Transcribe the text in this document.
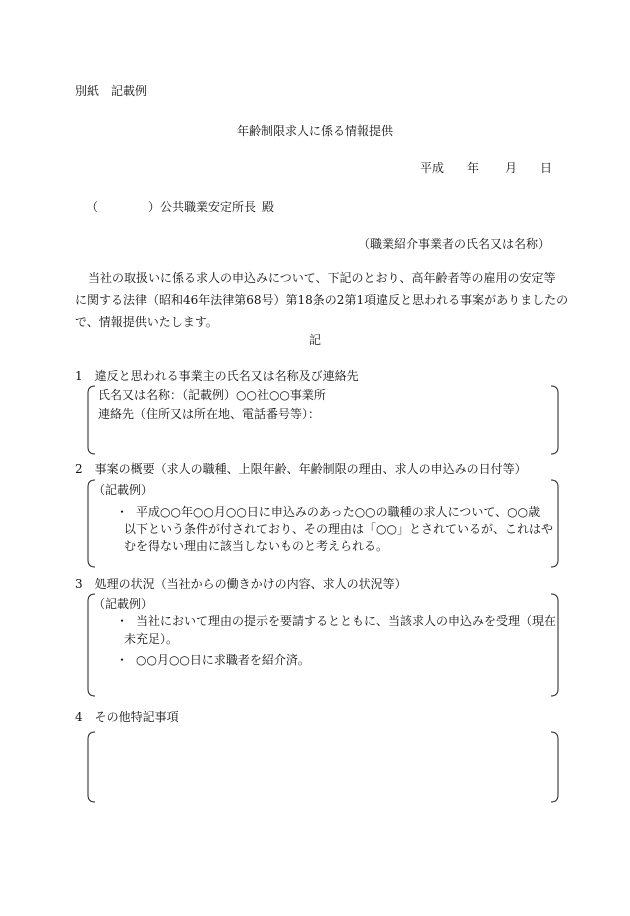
別紙　記載例
年齢制限求人に係る情報提供
平成 年 月 日
（	） 公共職業安定所長 殿
（職業紹介事業者の氏名又は名称）
当社の取扱いに係る求人の申込みについて、下記のとおり、高年齢者等の雇用の安定等
に関する法律（昭和46年法律第68号）第18条の2第1項違反と思われる事案がありましたの
で、情報提供いたします。
記
1　違反と思われる事業主の氏名又は名称及び連絡先
氏名又は名称：（記載例）○○社○○事業所
連絡先（住所又は所在地、電話番号等）：
2　事案の概要（求人の職種、上限年齢、年齢制限の理由、求人の申込みの日付等）
（記載例）
・ 平成○○年○○月○○日に申込みのあった○○の職種の求人について、○○歳
以下という条件が付されており、その理由は「○○」とされているが、これはや
むを得ない理由に該当しないものと考えられる。
3　処理の状況（当社からの働きかけの内容、求人の状況等）
（記載例）
・ 当社において理由の提示を要請するとともに、当該求人の申込みを受理（現在
未充足）。
・ ○○月○○日に求職者を紹介済。
4　その他特記事項
